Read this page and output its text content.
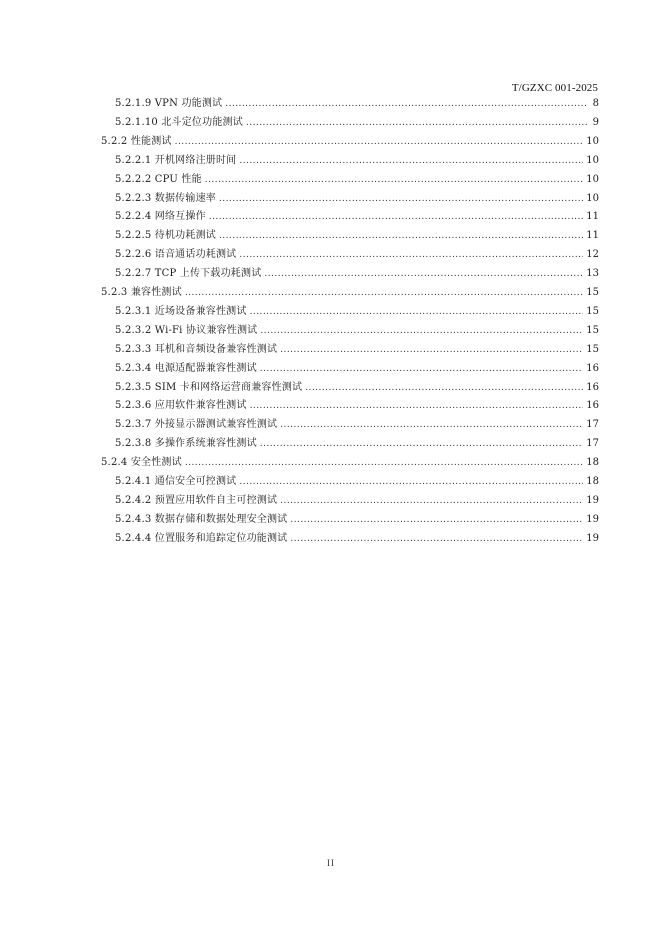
T/GZXC 001-2025
5.2.1.9 VPN 功能测试 . . .	8
5.2.1.10 北斗定位功能测试 . . .	9
5.2.2 性能测试 . . .	10
5.2.2.1 开机网络注册时间 . . .	10
5.2.2.2 CPU 性能 . . .	10
5.2.2.3 数据传输速率 . . .	10
5.2.2.4 网络互操作 . . .	11
5.2.2.5 待机功耗测试 . . .	11
5.2.2.6 语音通话功耗测试 . . .	12
5.2.2.7 TCP 上传下载功耗测试 . . .	13
5.2.3 兼容性测试 . . .	15
5.2.3.1 近场设备兼容性测试 . . .	15
5.2.3.2 Wi-Fi 协议兼容性测试 . . .	15
5.2.3.3 耳机和音频设备兼容性测试 . . .	15
5.2.3.4 电源适配器兼容性测试 . . .	16
5.2.3.5 SIM 卡和网络运营商兼容性测试 . . .	16
5.2.3.6 应用软件兼容性测试 . . .	16
5.2.3.7 外接显示器测试兼容性测试 . . .	17
5.2.3.8 多操作系统兼容性测试 . . .	17
5.2.4 安全性测试 . . .	18
5.2.4.1 通信安全可控测试 . . .	18
5.2.4.2 预置应用软件自主可控测试 . . .	19
5.2.4.3 数据存储和数据处理安全测试 . . .	19
5.2.4.4 位置服务和追踪定位功能测试 . . .	19
II
